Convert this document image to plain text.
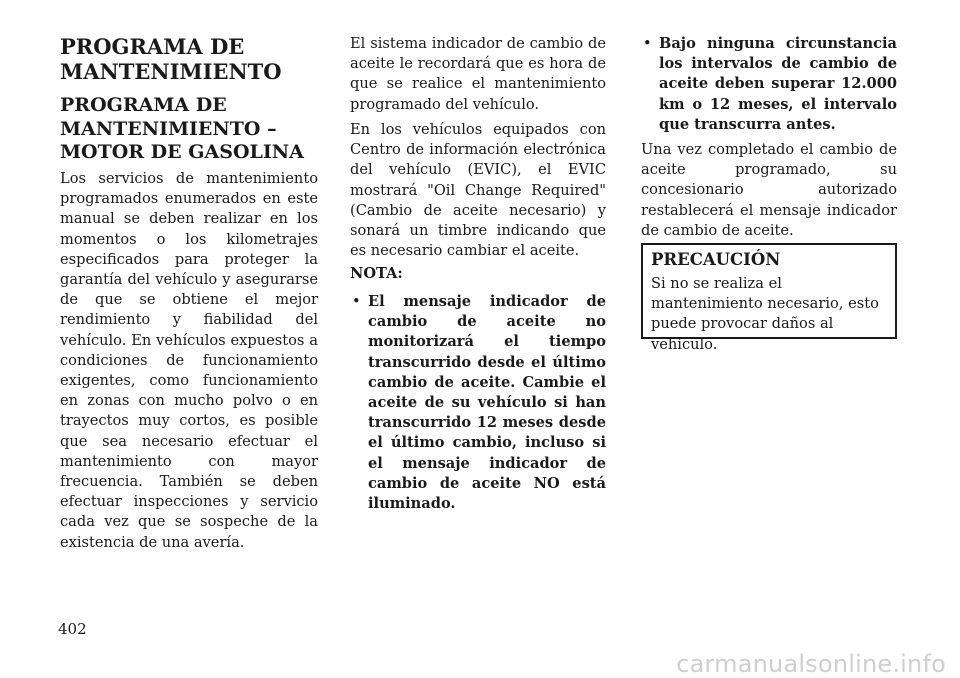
PROGRAMA DE
MANTENIMIENTO
PROGRAMA DE
MANTENIMIENTO –
MOTOR DE GASOLINA

Los servicios de mantenimiento programados enumerados en este manual se deben realizar en los momentos o los kilometrajes especificados para proteger la garantía del vehículo y asegurarse de que se obtiene el mejor rendimiento y fiabilidad del vehículo. En vehículos expuestos a condiciones de funcionamiento exigentes, como funcionamiento en zonas con mucho polvo o en trayectos muy cortos, es posible que sea necesario efectuar el mantenimiento con mayor frecuencia. También se deben efectuar inspecciones y servicio cada vez que se sospeche de la existencia de una avería.

El sistema indicador de cambio de aceite le recordará que es hora de que se realice el mantenimiento programado del vehículo.

En los vehículos equipados con Centro de información electrónica del vehículo (EVIC), el EVIC mostrará "Oil Change Required" (Cambio de aceite necesario) y sonará un timbre indicando que es necesario cambiar el aceite.

NOTA:

• El mensaje indicador de cambio de aceite no monitorizará el tiempo transcurrido desde el último cambio de aceite. Cambie el aceite de su vehículo si han transcurrido 12 meses desde el último cambio, incluso si el mensaje indicador de cambio de aceite NO está iluminado.

• Bajo ninguna circunstancia los intervalos de cambio de aceite deben superar 12.000 km o 12 meses, el intervalo que transcurra antes.

Una vez completado el cambio de aceite programado, su concesionario autorizado restablecerá el mensaje indicador de cambio de aceite.

PRECAUCIÓN

Si no se realiza el mantenimiento necesario, esto puede provocar daños al vehículo.

402

carmanualsonline.info
